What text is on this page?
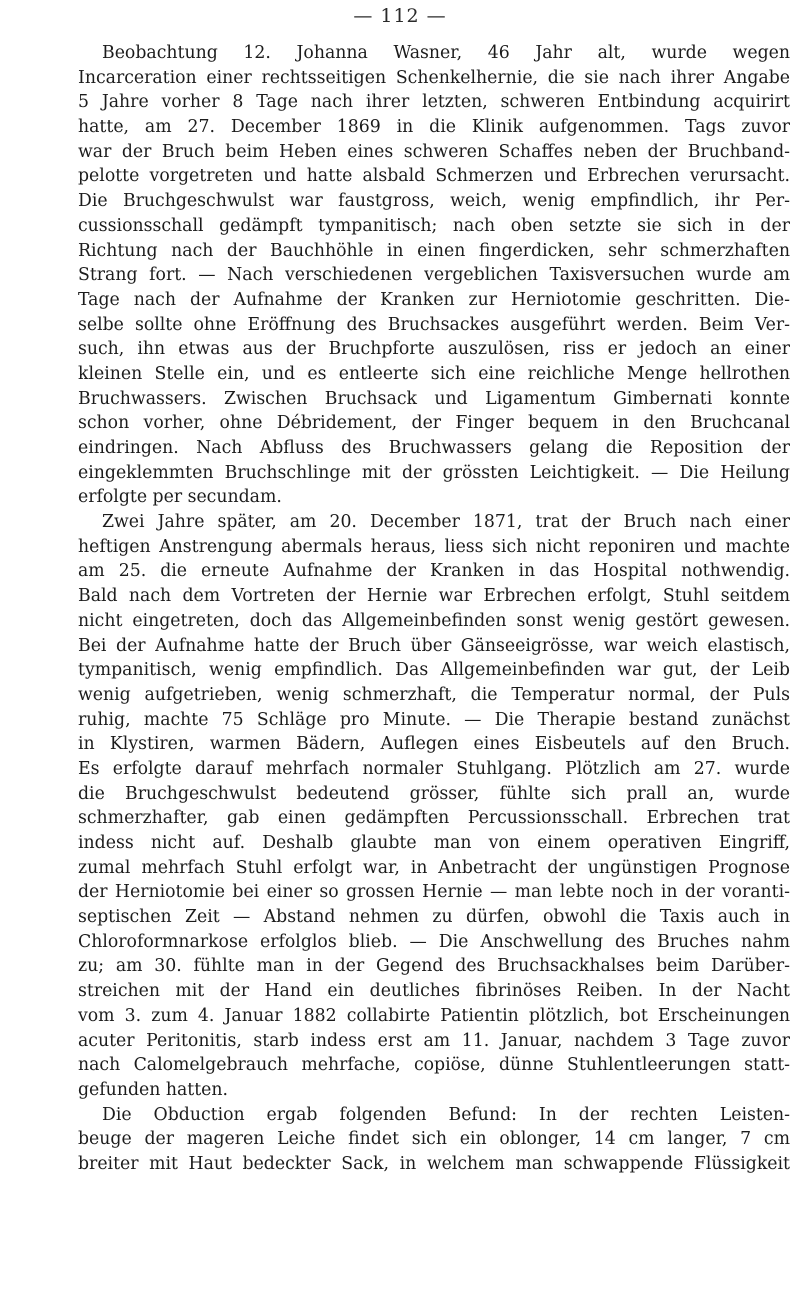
— 112 —
Beobachtung 12. Johanna Wasner, 46 Jahr alt, wurde wegen
Incarceration einer rechtsseitigen Schenkelhernie, die sie nach ihrer Angabe
5 Jahre vorher 8 Tage nach ihrer letzten, schweren Entbindung acquirirt
hatte, am 27. December 1869 in die Klinik aufgenommen. Tags zuvor
war der Bruch beim Heben eines schweren Schaffes neben der Bruchband-
pelotte vorgetreten und hatte alsbald Schmerzen und Erbrechen verursacht.
Die Bruchgeschwulst war faustgross, weich, wenig empfindlich, ihr Per-
cussionsschall gedämpft tympanitisch; nach oben setzte sie sich in der
Richtung nach der Bauchhöhle in einen fingerdicken, sehr schmerzhaften
Strang fort. — Nach verschiedenen vergeblichen Taxisversuchen wurde am
Tage nach der Aufnahme der Kranken zur Herniotomie geschritten. Die-
selbe sollte ohne Eröffnung des Bruchsackes ausgeführt werden. Beim Ver-
such, ihn etwas aus der Bruchpforte auszulösen, riss er jedoch an einer
kleinen Stelle ein, und es entleerte sich eine reichliche Menge hellrothen
Bruchwassers. Zwischen Bruchsack und Ligamentum Gimbernati konnte
schon vorher, ohne Débridement, der Finger bequem in den Bruchcanal
eindringen. Nach Abfluss des Bruchwassers gelang die Reposition der
eingeklemmten Bruchschlinge mit der grössten Leichtigkeit. — Die Heilung
erfolgte per secundam.
Zwei Jahre später, am 20. December 1871, trat der Bruch nach einer
heftigen Anstrengung abermals heraus, liess sich nicht reponiren und machte
am 25. die erneute Aufnahme der Kranken in das Hospital nothwendig.
Bald nach dem Vortreten der Hernie war Erbrechen erfolgt, Stuhl seitdem
nicht eingetreten, doch das Allgemeinbefinden sonst wenig gestört gewesen.
Bei der Aufnahme hatte der Bruch über Gänseeigrösse, war weich elastisch,
tympanitisch, wenig empfindlich. Das Allgemeinbefinden war gut, der Leib
wenig aufgetrieben, wenig schmerzhaft, die Temperatur normal, der Puls
ruhig, machte 75 Schläge pro Minute. — Die Therapie bestand zunächst
in Klystiren, warmen Bädern, Auflegen eines Eisbeutels auf den Bruch.
Es erfolgte darauf mehrfach normaler Stuhlgang. Plötzlich am 27. wurde
die Bruchgeschwulst bedeutend grösser, fühlte sich prall an, wurde
schmerzhafter, gab einen gedämpften Percussionsschall. Erbrechen trat
indess nicht auf. Deshalb glaubte man von einem operativen Eingriff,
zumal mehrfach Stuhl erfolgt war, in Anbetracht der ungünstigen Prognose
der Herniotomie bei einer so grossen Hernie — man lebte noch in der voranti-
septischen Zeit — Abstand nehmen zu dürfen, obwohl die Taxis auch in
Chloroformnarkose erfolglos blieb. — Die Anschwellung des Bruches nahm
zu; am 30. fühlte man in der Gegend des Bruchsackhalses beim Darüber-
streichen mit der Hand ein deutliches fibrinöses Reiben. In der Nacht
vom 3. zum 4. Januar 1882 collabirte Patientin plötzlich, bot Erscheinungen
acuter Peritonitis, starb indess erst am 11. Januar, nachdem 3 Tage zuvor
nach Calomelgebrauch mehrfache, copiöse, dünne Stuhlentleerungen statt-
gefunden hatten.
Die Obduction ergab folgenden Befund: In der rechten Leisten-
beuge der mageren Leiche findet sich ein oblonger, 14 cm langer, 7 cm
breiter mit Haut bedeckter Sack, in welchem man schwappende Flüssigkeit
